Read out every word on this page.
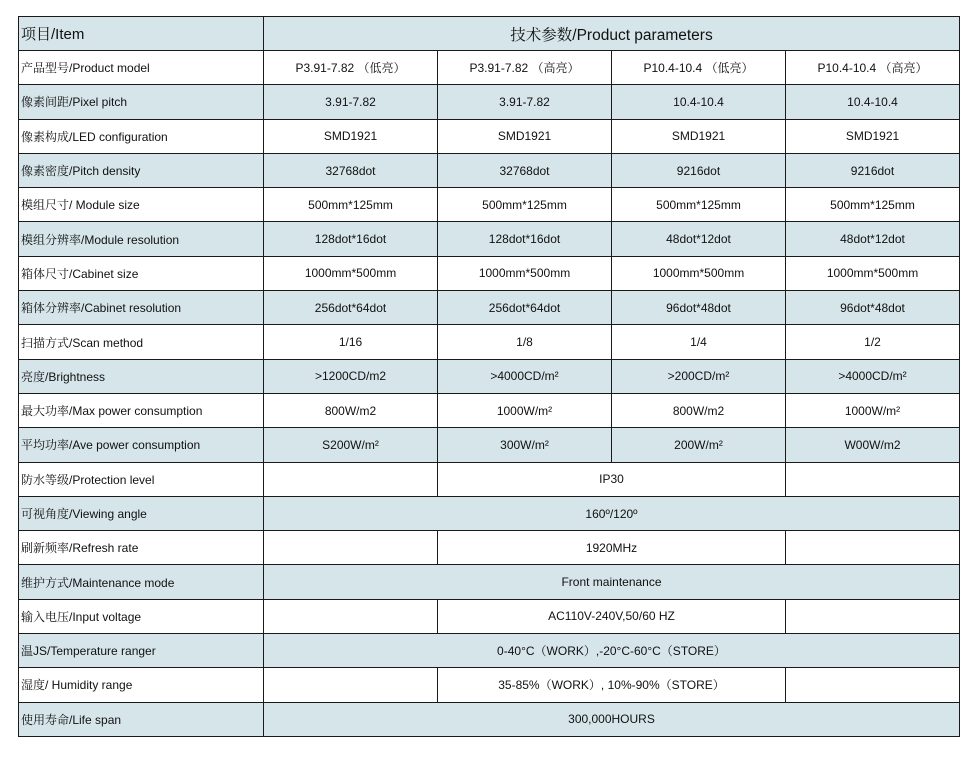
项目/Item	技术参数/Product parameters			
产品型号/Product model	P3.91-7.82 （低亮）	P3.91-7.82 （高亮）	P10.4-10.4 （低亮）	P10.4-10.4 （高亮）
像素间距/Pixel pitch	3.91-7.82	3.91-7.82	10.4-10.4	10.4-10.4
像素构成/LED configuration	SMD1921	SMD1921	SMD1921	SMD1921
像素密度/Pitch density	32768dot	32768dot	9216dot	9216dot
模组尺寸/ Module size	500mm*125mm	500mm*125mm	500mm*125mm	500mm*125mm
模组分辨率/Module resolution	128dot*16dot	128dot*16dot	48dot*12dot	48dot*12dot
箱体尺寸/Cabinet size	1000mm*500mm	1000mm*500mm	1000mm*500mm	1000mm*500mm
箱体分辨率/Cabinet resolution	256dot*64dot	256dot*64dot	96dot*48dot	96dot*48dot
扫描方式/Scan method	1/16	1/8	1/4	1/2
亮度/Brightness	>1200CD/m2	>4000CD/m²	>200CD/m²	>4000CD/m²
最大功率/Max power consumption	800W/m2	1000W/m²	800W/m2	1000W/m²
平均功率/Ave power consumption	S200W/m²	300W/m²	200W/m²	W00W/m2
防水等级/Protection level		IP30		
可视角度/Viewing angle	160º/120º			
刷新频率/Refresh rate		1920MHz		
维护方式/Maintenance mode	Front maintenance			
输入电压/Input voltage		AC110V-240V,50/60 HZ		
温JS/Temperature ranger	0-40°C（WORK）,-20°C-60°C（STORE）			
湿度/ Humidity range		35-85%（WORK）, 10%-90%（STORE）		
使用寿命/Life span	300,000HOURS			
